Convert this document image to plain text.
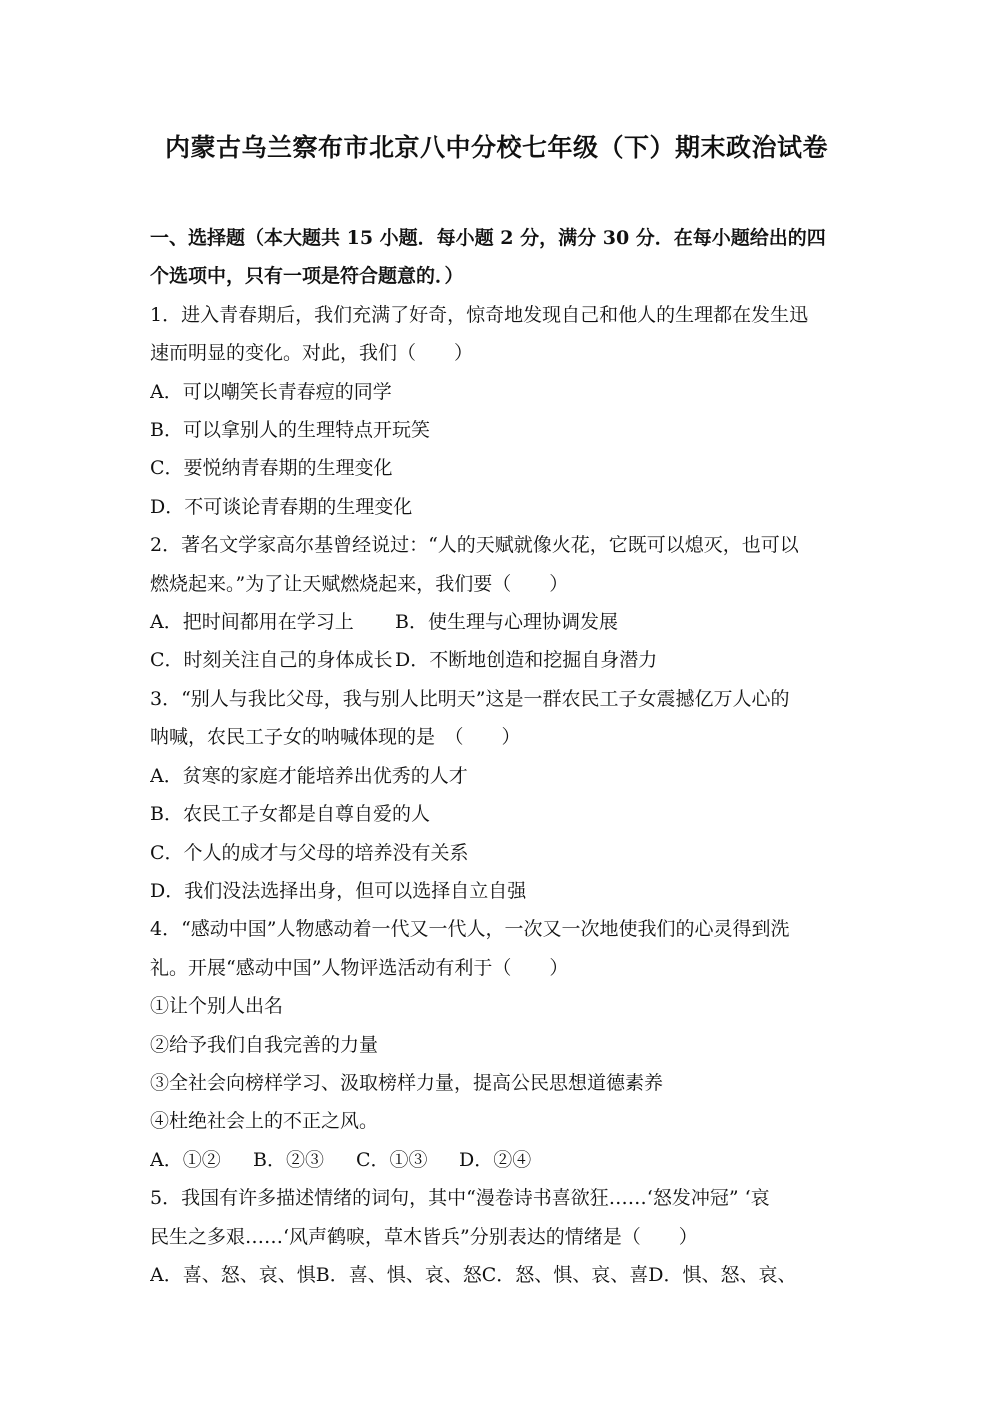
内蒙古乌兰察布市北京八中分校七年级（下）期末政治试卷
一、选择题（本大题共 15 小题．每小题 2 分，满分 30 分．在每小题给出的四
个选项中，只有一项是符合题意的．）
1．进入青春期后，我们充满了好奇，惊奇地发现自己和他人的生理都在发生迅
速而明显的变化。对此，我们（　　）
A．可以嘲笑长青春痘的同学
B．可以拿别人的生理特点开玩笑
C．要悦纳青春期的生理变化
D．不可谈论青春期的生理变化
2．著名文学家高尔基曾经说过：“人的天赋就像火花，它既可以熄灭，也可以
燃烧起来。”为了让天赋燃烧起来，我们要（　　）
A．把时间都用在学习上	B．使生理与心理协调发展
C．时刻关注自己的身体成长 D．不断地创造和挖掘自身潜力
3．“别人与我比父母，我与别人比明天”这是一群农民工子女震撼亿万人心的
呐喊，农民工子女的呐喊体现的是　（　　）
A．贫寒的家庭才能培养出优秀的人才
B．农民工子女都是自尊自爱的人
C．个人的成才与父母的培养没有关系
D．我们没法选择出身，但可以选择自立自强
4．“感动中国”人物感动着一代又一代人，一次又一次地使我们的心灵得到洗
礼。开展“感动中国”人物评选活动有利于（　　）
①让个别人出名
②给予我们自我完善的力量
③全社会向榜样学习、汲取榜样力量，提高公民思想道德素养
④杜绝社会上的不正之风。
A．①② B．②③ C．①③ D．②④
5．我国有许多描述情绪的词句，其中“漫卷诗书喜欲狂……‘怒发冲冠” ‘哀
民生之多艰……‘风声鹤唳，草木皆兵”分别表达的情绪是（　　）
A．喜、怒、哀、惧B．喜、惧、哀、怒C．怒、惧、哀、喜D．惧、怒、哀、
